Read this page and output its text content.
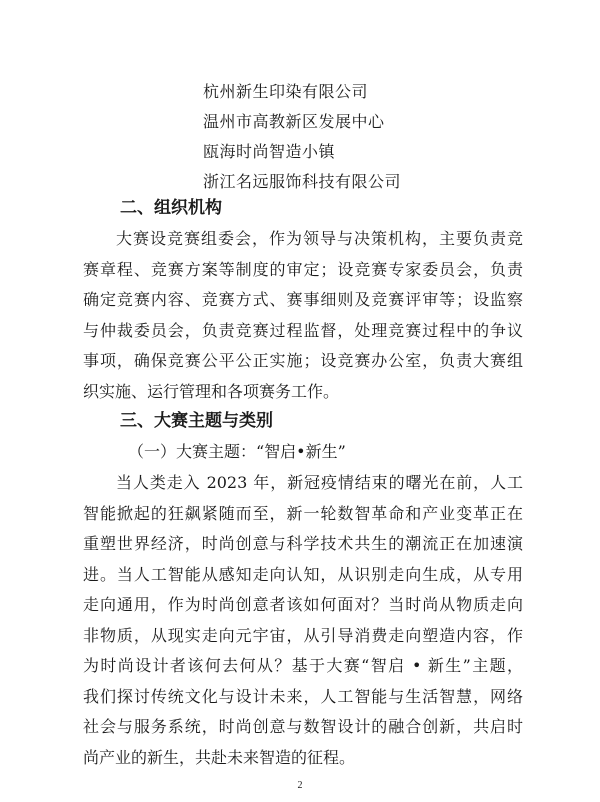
杭州新生印染有限公司
温州市高教新区发展中心
瓯海时尚智造小镇
浙江名远服饰科技有限公司
二、组织机构
大赛设竞赛组委会，作为领导与决策机构，主要负责竞
赛章程、竞赛方案等制度的审定；设竞赛专家委员会，负责
确定竞赛内容、竞赛方式、赛事细则及竞赛评审等；设监察
与仲裁委员会，负责竞赛过程监督，处理竞赛过程中的争议
事项，确保竞赛公平公正实施；设竞赛办公室，负责大赛组
织实施、运行管理和各项赛务工作。
三、大赛主题与类别
（一）大赛主题：“智启•新生”
当人类走入 2023 年，新冠疫情结束的曙光在前，人工
智能掀起的狂飙紧随而至，新一轮数智革命和产业变革正在
重塑世界经济，时尚创意与科学技术共生的潮流正在加速演
进。当人工智能从感知走向认知，从识别走向生成，从专用
走向通用，作为时尚创意者该如何面对？当时尚从物质走向
非物质，从现实走向元宇宙，从引导消费走向塑造内容，作
为时尚设计者该何去何从？基于大赛“智启 • 新生”主题，
我们探讨传统文化与设计未来，人工智能与生活智慧，网络
社会与服务系统，时尚创意与数智设计的融合创新，共启时
尚产业的新生，共赴未来智造的征程。
2
